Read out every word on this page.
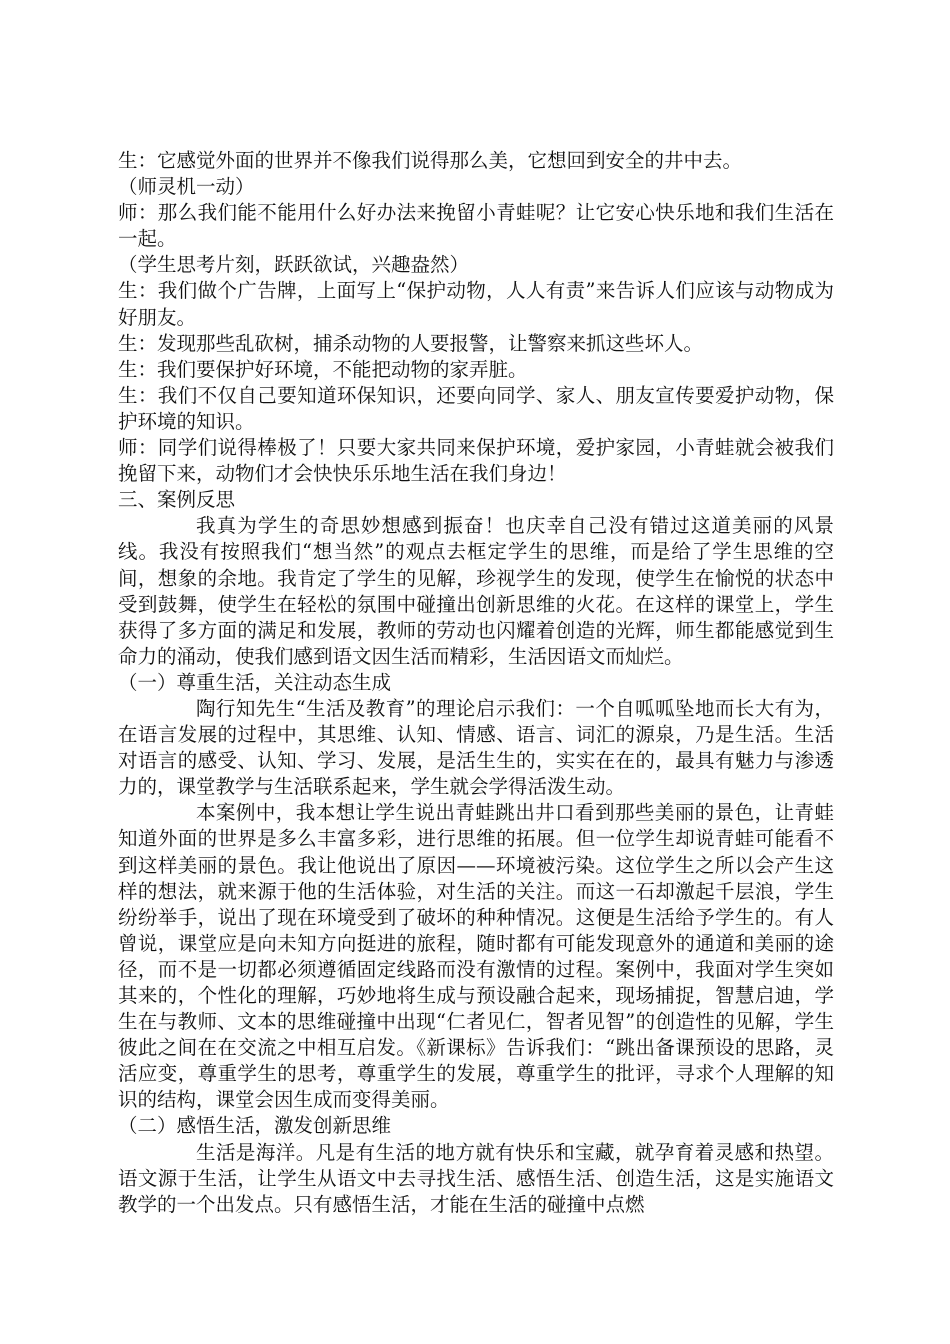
生：它感觉外面的世界并不像我们说得那么美，它想回到安全的井中去。

（师灵机一动）

师：那么我们能不能用什么好办法来挽留小青蛙呢？让它安心快乐地和我们生活在一起。

（学生思考片刻，跃跃欲试，兴趣盎然）

生：我们做个广告牌，上面写上“保护动物，人人有责”来告诉人们应该与动物成为好朋友。

生：发现那些乱砍树，捕杀动物的人要报警，让警察来抓这些坏人。

生：我们要保护好环境，不能把动物的家弄脏。

生：我们不仅自己要知道环保知识，还要向同学、家人、朋友宣传要爱护动物，保护环境的知识。

师：同学们说得棒极了！只要大家共同来保护环境，爱护家园，小青蛙就会被我们挽留下来，动物们才会快快乐乐地生活在我们身边！

三、案例反思

我真为学生的奇思妙想感到振奋！也庆幸自己没有错过这道美丽的风景线。我没有按照我们“想当然”的观点去框定学生的思维，而是给了学生思维的空间，想象的余地。我肯定了学生的见解，珍视学生的发现，使学生在愉悦的状态中受到鼓舞，使学生在轻松的氛围中碰撞出创新思维的火花。在这样的课堂上，学生获得了多方面的满足和发展，教师的劳动也闪耀着创造的光辉，师生都能感觉到生命力的涌动，使我们感到语文因生活而精彩，生活因语文而灿烂。

（一）尊重生活，关注动态生成

陶行知先生“生活及教育”的理论启示我们：一个自呱呱坠地而长大有为，在语言发展的过程中，其思维、认知、情感、语言、词汇的源泉，乃是生活。生活对语言的感受、认知、学习、发展，是活生生的，实实在在的，最具有魅力与渗透力的，课堂教学与生活联系起来，学生就会学得活泼生动。

本案例中，我本想让学生说出青蛙跳出井口看到那些美丽的景色，让青蛙知道外面的世界是多么丰富多彩，进行思维的拓展。但一位学生却说青蛙可能看不到这样美丽的景色。我让他说出了原因——环境被污染。这位学生之所以会产生这样的想法，就来源于他的生活体验，对生活的关注。而这一石却激起千层浪，学生纷纷举手，说出了现在环境受到了破坏的种种情况。这便是生活给予学生的。有人曾说，课堂应是向未知方向挺进的旅程，随时都有可能发现意外的通道和美丽的途径，而不是一切都必须遵循固定线路而没有激情的过程。案例中，我面对学生突如其来的，个性化的理解，巧妙地将生成与预设融合起来，现场捕捉，智慧启迪，学生在与教师、文本的思维碰撞中出现“仁者见仁，智者见智”的创造性的见解，学生彼此之间在在交流之中相互启发。《新课标》告诉我们：“跳出备课预设的思路，灵活应变，尊重学生的思考，尊重学生的发展，尊重学生的批评，寻求个人理解的知识的结构，课堂会因生成而变得美丽。

（二）感悟生活，激发创新思维

生活是海洋。凡是有生活的地方就有快乐和宝藏，就孕育着灵感和热望。语文源于生活，让学生从语文中去寻找生活、感悟生活、创造生活，这是实施语文教学的一个出发点。只有感悟生活，才能在生活的碰撞中点燃
